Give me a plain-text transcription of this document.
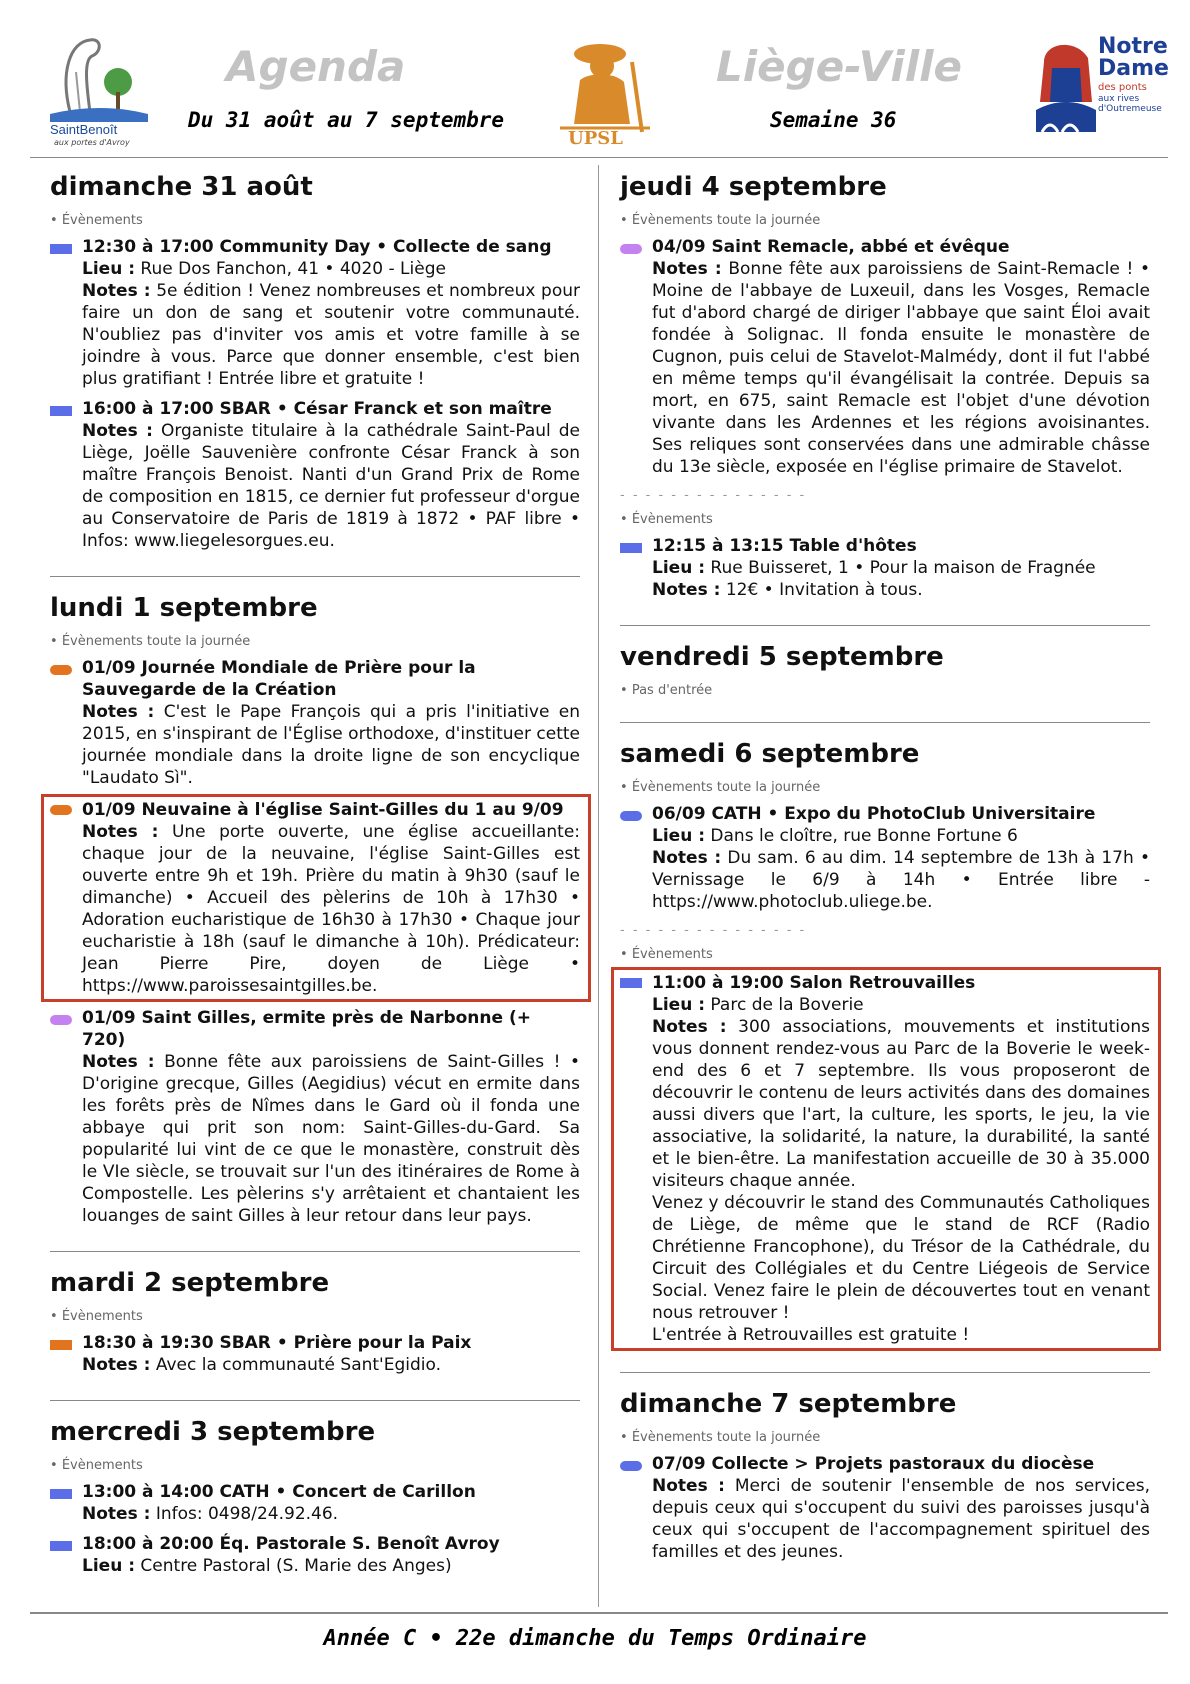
SaintBenoît
aux portes d'Avroy
Agenda
Du 31 août au 7 septembre
UPSL
Liège-Ville
Semaine 36
Notre
Dame
des ponts
aux rives d'Outremeuse
dimanche 31 août
• Évènements
12:30 à 17:00 Community Day • Collecte de sang
Lieu : Rue Dos Fanchon, 41 • 4020 - Liège
Notes : 5e édition ! Venez nombreuses et nombreux pour faire un don de sang et soutenir votre communauté. N'oubliez pas d'inviter vos amis et votre famille à se joindre à vous. Parce que donner ensemble, c'est bien plus gratifiant ! Entrée libre et gratuite !
16:00 à 17:00 SBAR • César Franck et son maître
Notes : Organiste titulaire à la cathédrale Saint-Paul de Liège, Joëlle Sauvenière confronte César Franck à son maître François Benoist. Nanti d'un Grand Prix de Rome de composition en 1815, ce dernier fut professeur d'orgue au Conservatoire de Paris de 1819 à 1872 • PAF libre • Infos: www.liegelesorgues.eu.
lundi 1 septembre
• Évènements toute la journée
01/09 Journée Mondiale de Prière pour la Sauvegarde de la Création
Notes : C'est le Pape François qui a pris l'initiative en 2015, en s'inspirant de l'Église orthodoxe, d'instituer cette journée mondiale dans la droite ligne de son encyclique "Laudato Sì".
01/09 Neuvaine à l'église Saint-Gilles du 1 au 9/09
Notes : Une porte ouverte, une église accueillante: chaque jour de la neuvaine, l'église Saint-Gilles est ouverte entre 9h et 19h. Prière du matin à 9h30 (sauf le dimanche) • Accueil des pèlerins de 10h à 17h30 • Adoration eucharistique de 16h30 à 17h30 • Chaque jour eucharistie à 18h (sauf le dimanche à 10h). Prédicateur: Jean Pierre Pire, doyen de Liège • https://www.paroissesaintgilles.be.
01/09 Saint Gilles, ermite près de Narbonne (+ 720)
Notes : Bonne fête aux paroissiens de Saint-Gilles ! • D'origine grecque, Gilles (Aegidius) vécut en ermite dans les forêts près de Nîmes dans le Gard où il fonda une abbaye qui prit son nom: Saint-Gilles-du-Gard. Sa popularité lui vint de ce que le monastère, construit dès le VIe siècle, se trouvait sur l'un des itinéraires de Rome à Compostelle. Les pèlerins s'y arrêtaient et chantaient les louanges de saint Gilles à leur retour dans leur pays.
mardi 2 septembre
• Évènements
18:30 à 19:30 SBAR • Prière pour la Paix
Notes : Avec la communauté Sant'Egidio.
mercredi 3 septembre
• Évènements
13:00 à 14:00 CATH • Concert de Carillon
Notes : Infos: 0498/24.92.46.
18:00 à 20:00 Éq. Pastorale S. Benoît Avroy
Lieu : Centre Pastoral (S. Marie des Anges)
jeudi 4 septembre
• Évènements toute la journée
04/09 Saint Remacle, abbé et évêque
Notes : Bonne fête aux paroissiens de Saint-Remacle ! • Moine de l'abbaye de Luxeuil, dans les Vosges, Remacle fut d'abord chargé de diriger l'abbaye que saint Éloi avait fondée à Solignac. Il fonda ensuite le monastère de Cugnon, puis celui de Stavelot-Malmédy, dont il fut l'abbé en même temps qu'il évangélisait la contrée. Depuis sa mort, en 675, saint Remacle est l'objet d'une dévotion vivante dans les Ardennes et les régions avoisinantes. Ses reliques sont conservées dans une admirable châsse du 13e siècle, exposée en l'église primaire de Stavelot.
- - - - - - - - - - - - - - -
• Évènements
12:15 à 13:15 Table d'hôtes
Lieu : Rue Buisseret, 1 • Pour la maison de Fragnée
Notes : 12€ • Invitation à tous.
vendredi 5 septembre
• Pas d'entrée
samedi 6 septembre
• Évènements toute la journée
06/09 CATH • Expo du PhotoClub Universitaire
Lieu : Dans le cloître, rue Bonne Fortune 6
Notes : Du sam. 6 au dim. 14 septembre de 13h à 17h • Vernissage le 6/9 à 14h • Entrée libre - https://www.photoclub.uliege.be.
- - - - - - - - - - - - - - -
• Évènements
11:00 à 19:00 Salon Retrouvailles
Lieu : Parc de la Boverie
Notes : 300 associations, mouvements et institutions vous donnent rendez-vous au Parc de la Boverie le week-end des 6 et 7 septembre. Ils vous proposeront de découvrir le contenu de leurs activités dans des domaines aussi divers que l'art, la culture, les sports, le jeu, la vie associative, la solidarité, la nature, la durabilité, la santé et le bien-être. La manifestation accueille de 30 à 35.000 visiteurs chaque année.
Venez y découvrir le stand des Communautés Catholiques de Liège, de même que le stand de RCF (Radio Chrétienne Francophone), du Trésor de la Cathédrale, du Circuit des Collégiales et du Centre Liégeois de Service Social. Venez faire le plein de découvertes tout en venant nous retrouver !
L'entrée à Retrouvailles est gratuite !
dimanche 7 septembre
• Évènements toute la journée
07/09 Collecte > Projets pastoraux du diocèse
Notes : Merci de soutenir l'ensemble de nos services, depuis ceux qui s'occupent du suivi des paroisses jusqu'à ceux qui s'occupent de l'accompagnement spirituel des familles et des jeunes.
Année C • 22e dimanche du Temps Ordinaire
